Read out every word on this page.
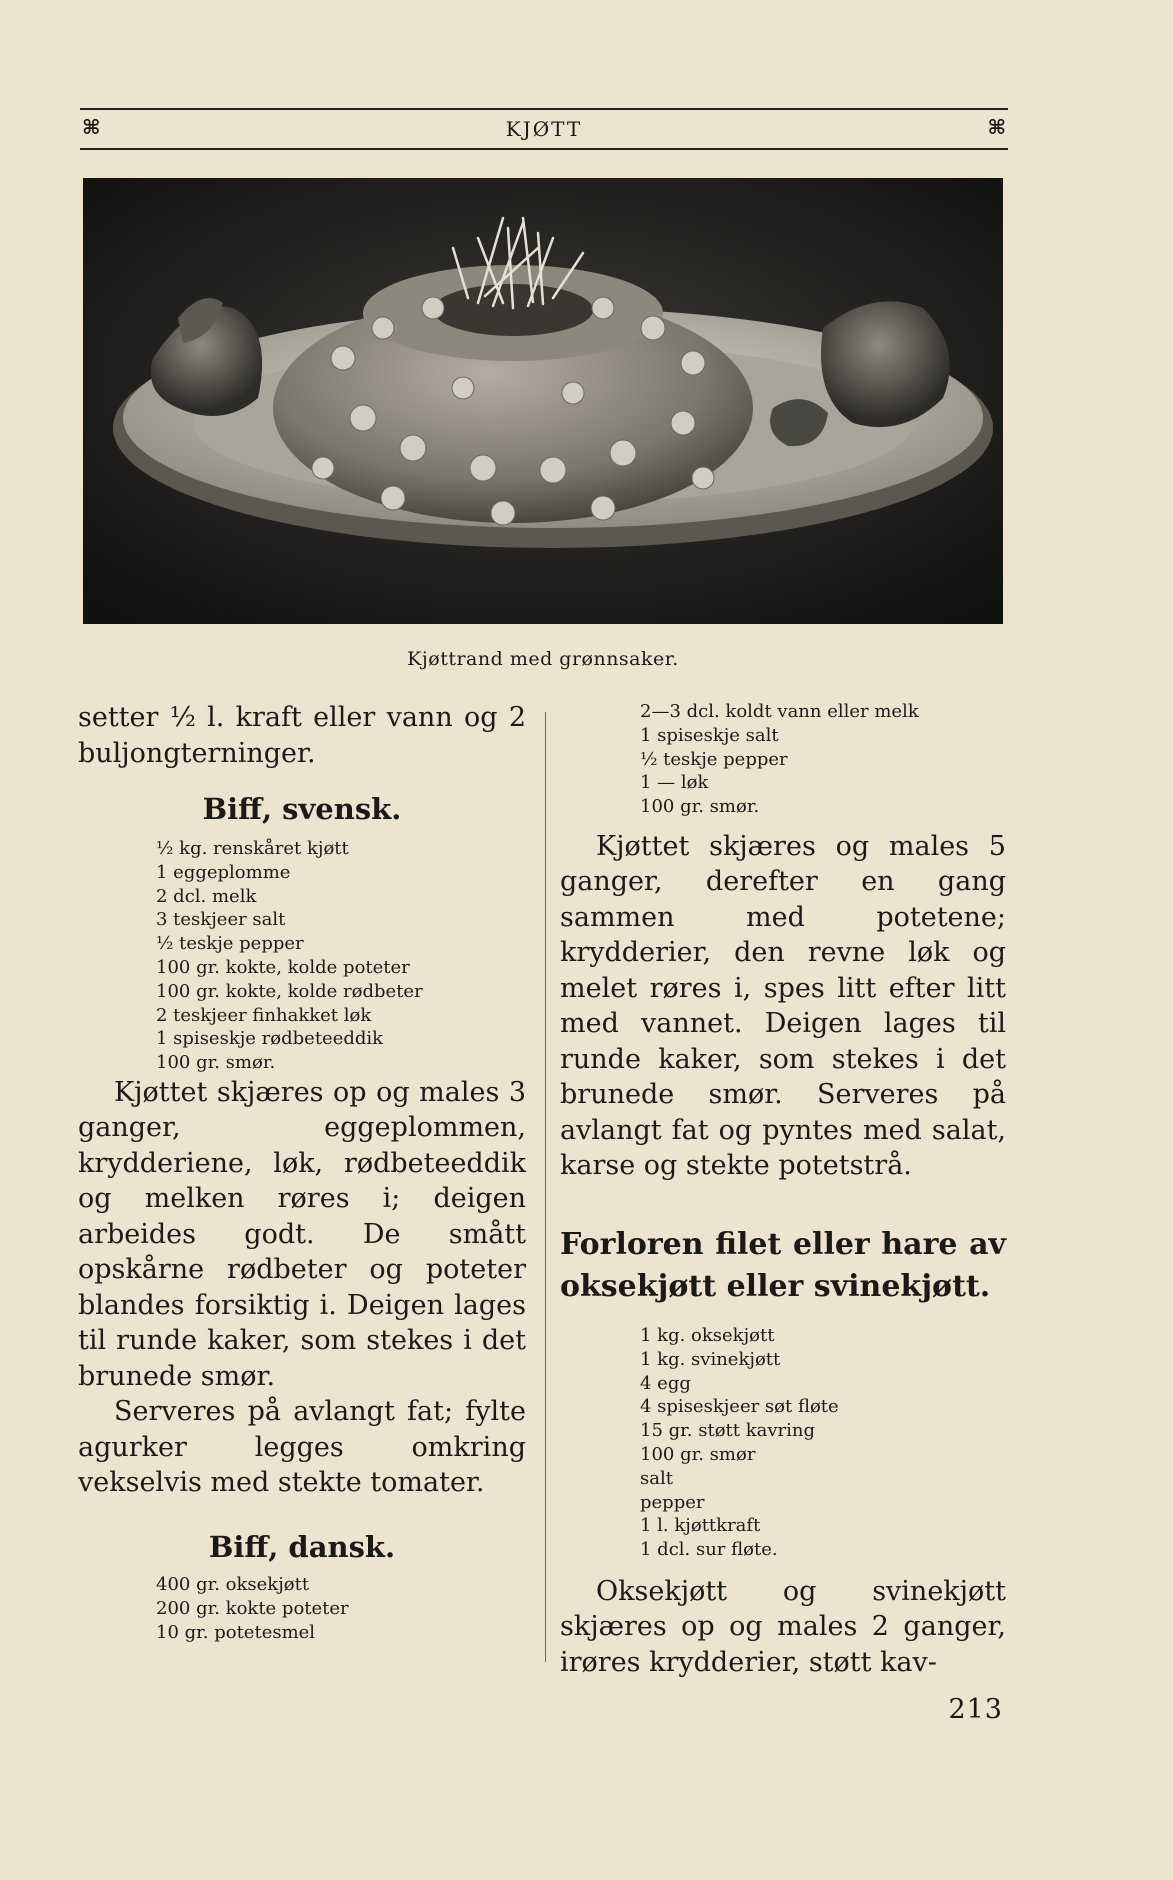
⌘	KJØTT	⌘
Kjøttrand med grønnsaker.

setter ½ l. kraft eller vann og 2 buljongterninger.

Biff, svensk.
½ kg. renskåret kjøtt
1 eggeplomme
2 dcl. melk
3 teskjeer salt
½ teskje pepper
100 gr. kokte, kolde poteter
100 gr. kokte, kolde rødbeter
2 teskjeer finhakket løk
1 spiseskje rødbeteeddik
100 gr. smør.

Kjøttet skjæres op og males 3 ganger, eggeplommen, krydderiene, løk, rødbeteeddik og melken røres i; deigen arbeides godt. De smått opskårne rødbeter og poteter blandes forsiktig i. Deigen lages til runde kaker, som stekes i det brunede smør.

Serveres på avlangt fat; fylte agurker legges omkring vekselvis med stekte tomater.

Biff, dansk.
400 gr. oksekjøtt
200 gr. kokte poteter
10 gr. potetesmel
2—3 dcl. koldt vann eller melk
1 spiseskje salt
½ teskje pepper
1 — løk
100 gr. smør.

Kjøttet skjæres og males 5 ganger, derefter en gang sammen med potetene; krydderier, den revne løk og melet røres i, spes litt efter litt med vannet. Deigen lages til runde kaker, som stekes i det brunede smør. Serveres på avlangt fat og pyntes med salat, karse og stekte potetstrå.

Forloren filet eller hare av oksekjøtt eller svinekjøtt.
1 kg. oksekjøtt
1 kg. svinekjøtt
4 egg
4 spiseskjeer søt fløte
15 gr. støtt kavring
100 gr. smør
salt
pepper
1 l. kjøttkraft
1 dcl. sur fløte.

Oksekjøtt og svinekjøtt skjæres op og males 2 ganger, irøres krydderier, støtt kav-

213
